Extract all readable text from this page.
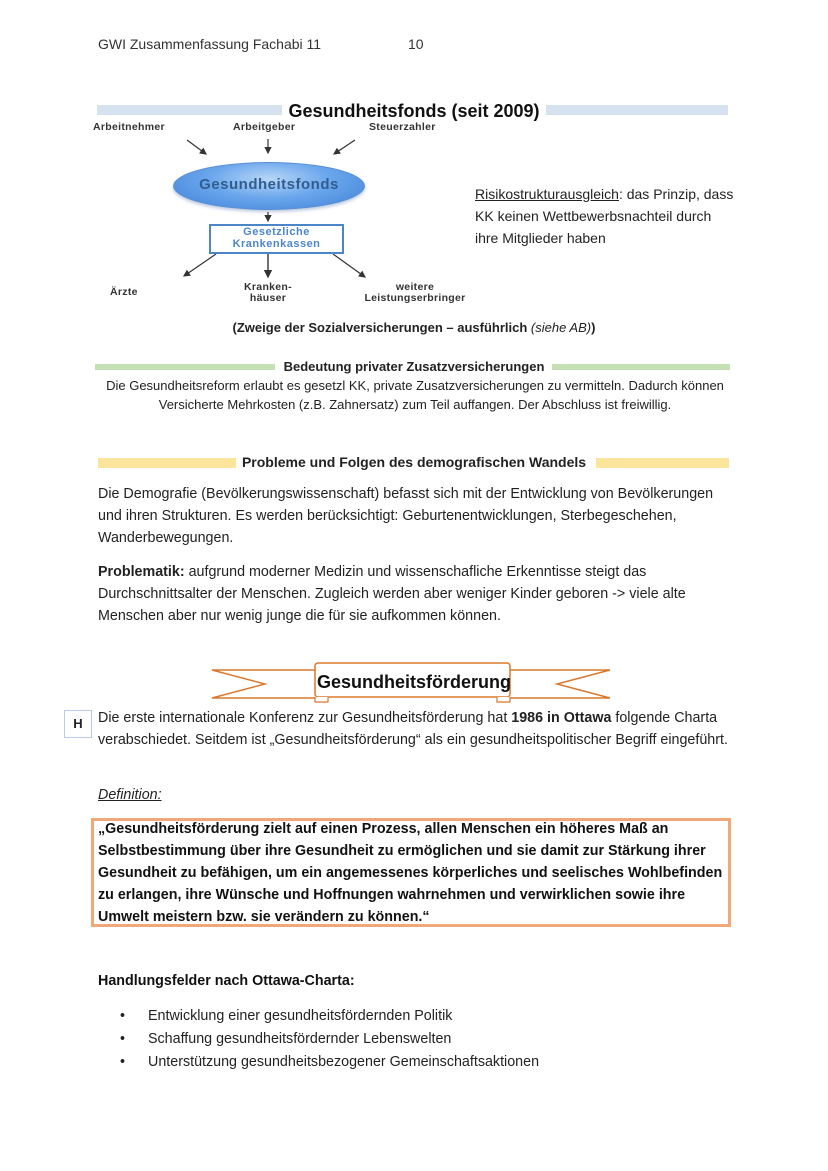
GWI Zusammenfassung Fachabi 11	10
Gesundheitsfonds (seit 2009)
Arbeitnehmer	Arbeitgeber	Steuerzahler
Gesundheitsfonds
Gesetzliche
Krankenkassen
Ärzte	Kranken-
häuser
weitere
Leistungserbringer
Risikostrukturausgleich: das Prinzip, dass KK keinen Wettbewerbsnachteil durch ihre Mitglieder haben
(Zweige der Sozialversicherungen – ausführlich (siehe AB))
Bedeutung privater Zusatzversicherungen
Die Gesundheitsreform erlaubt es gesetzl KK, private Zusatzversicherungen zu vermitteln. Dadurch können Versicherte Mehrkosten (z.B. Zahnersatz) zum Teil auffangen. Der Abschluss ist freiwillig.
Probleme und Folgen des demografischen Wandels
Die Demografie (Bevölkerungswissenschaft) befasst sich mit der Entwicklung von Bevölkerungen und ihren Strukturen. Es werden berücksichtigt: Geburtenentwicklungen, Sterbegeschehen, Wanderbewegungen.
Problematik: aufgrund moderner Medizin und wissenschafliche Erkenntisse steigt das Durchschnittsalter der Menschen. Zugleich werden aber weniger Kinder geboren -> viele alte Menschen aber nur wenig junge die für sie aufkommen können.
Gesundheitsförderung
H	Die erste internationale Konferenz zur Gesundheitsförderung hat 1986 in Ottawa folgende Charta verabschiedet. Seitdem ist „Gesundheitsförderung“ als ein gesundheitspolitischer Begriff eingeführt.
Definition:
„Gesundheitsförderung zielt auf einen Prozess, allen Menschen ein höheres Maß an Selbstbestimmung über ihre Gesundheit zu ermöglichen und sie damit zur Stärkung ihrer Gesundheit zu befähigen, um ein angemessenes körperliches und seelisches Wohlbefinden zu erlangen, ihre Wünsche und Hoffnungen wahrnehmen und verwirklichen sowie ihre Umwelt meistern bzw. sie verändern zu können.“
Handlungsfelder nach Ottawa-Charta:
• Entwicklung einer gesundheitsfördernden Politik
• Schaffung gesundheitsfördernder Lebenswelten
• Unterstützung gesundheitsbezogener Gemeinschaftsaktionen
